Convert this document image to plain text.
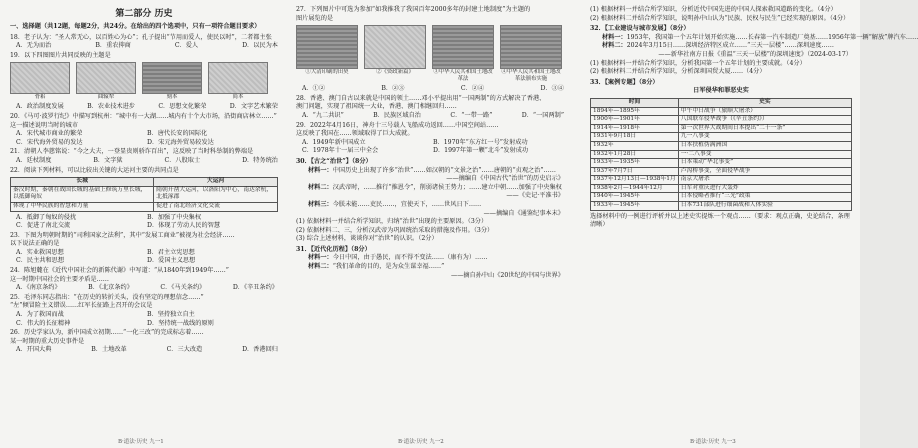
第二部分 历史
一、选择题（共12题，每题2分，共24分。在给出的四个选项中，只有一项符合题目要求）
18．老子认为：“圣人常无心，以百姓心为心”；孔子提出“节用而爱人，使民以时”，二者都主张
A．无为而治	B．重农抑商	C．爱人	D．以民为本
19．以下四图图片共同反映的主题是
骨耜	曲辕犁	刻本	简本
A．政治制度发展	B．农业技术进步	C．思想文化繁荣	D．文字艺术繁荣
20．《马可·波罗行纪》中描写到杭州：“城中有一大湖……城内有十个大市场，沿街商店林立……”
这一描述说明当时的城市
A．宋代城市商业的繁荣	B．唐代长安的国际化
C．宋代海外贸易的发达	D．宋元海外贸易较发达
21．清朝人李慈铭说：“今之大夫，一登显贵则骄诈百出”，这反映了当时科举制的弊端是
A．廷杖制度	B．文字狱	C．八股取士	D．特务统治
22．阅读下列材料，可以比较出关键的大运河主要的共同点是
长城	大运河
秦汉时期，秦朝在战国长城的基础上修筑万里长城，以抵御匈奴	隋朝开凿大运河，以洛阳为中心，南达余杭，北抵涿郡
体现了中华民族的智慧和力量	促进了南北经济文化交流
A．抵御了匈奴的侵扰	B．加强了中央集权
C．促进了南北交流	D．体现了劳动人民的智慧
23．下图为明朝时期的“司利国家之法利”，其中“发展工商业”被视为社会经济……
以下说法正确的是
A．实业救国思想	B．君主立宪思想
C．民主共和思想	D．爱国主义思想
24．陈旭麓在《近代中国社会的新陈代谢》中写道：“从1840年到1949年……”
这一时期中国社会的主要矛盾是……
A．《南京条约》	B．《北京条约》	C．《马关条约》	D．《辛丑条约》
25．毛泽东同志指出：“在历史的转折关头，没有坚定的理想信念……”
“左”倾冒险主义错误……红军长征路上召开的会议是
A．为了救国而战	B．坚持独立自主
C．伟大的长征精神	D．坚持统一战线的原则
26．历史学家认为，新中国成立初期……“一化三改”的完成标志着……
某一时期的重大历史事件是
A．开国大典	B．土地改革	C．三大改造	D．香港回归
B·道法·历史 九一1
27．下列图片中可选为参加“如我推我了我国百年2000多年的封建土地制度”为主题的
图片展览的是
①大清印刷的田契	②《资政新篇》	③中华人民共和国土地改革法
④中华人民共和国土地改革法颁布实施
A．①②	B．②③	C．②④	D．③④
28．香港、澳门自古以来就是中国的领土……邓小平提出用“一国两制”的方式解决了香港、
澳门问题，实现了祖国统一大业，香港、澳门相继回归……
A．“九二共识”	B．民族区域自治	C．“一带一路”	D．“一国两制”
29．2022年4月16日，神舟十三号载人飞船成功返回……中国空间站……
这反映了我国在……领域取得了巨大成就。
A．1949年新中国成立	B．1970年“东方红一号”发射成功
C．1978年十一届三中全会	D．1997年第一颗“北斗”发射成功
30．【古之“治世”】（8分）
材料一：中国历史上出现了许多“治世”……如汉朝的“文景之治”……唐朝的“贞观之治”……
——摘编自《中国古代“治世”的历史启示》
材料二：汉武帝时，……推行“推恩令”，削弱诸侯王势力；……建立中朝……加强了中央集权
——《史记·平准书》
材料三：今朕未能……吏民……，宜使天下，……世风日下……
——摘编自《通鉴纪事本末》
(1) 依据材料一并结合所学知识，归纳“治世”出现的主要原因。（3分）
(2) 依据材料二、三，分析汉武帝为巩固统治采取的措施及作用。（3分）
(3) 综合上述材料，谈谈你对“治世”的认识。（2分）
31．【近代化历程】（8分）
材料一：今日中国，由于愚民，而不得不变法……（康有为）……
材料二：“我们革命的目的，是为众生谋幸福……”
——摘自孙中山《20世纪的中国与世界》
B·道法·历史 九一2
(1) 根据材料一并结合所学知识，分析近代中国先进的中国人探索救国道路的变化。（4分）
(2) 根据材料二并结合所学知识，说明孙中山认为“民族、民权与民生”已经实现的原因。（4分）
32．【工业建设与城市发展】（8分）
材料一：1953年，我国第一个五年计划开始实施……长春第一汽车制造厂奠基……1956年第一辆“解放”牌汽车……
材料二：2024年3月15日……深圳经济特区成立……“三天一层楼”……深圳速度……
——新华社南方日报《重温“三天一层楼”的深圳速度》（2024-03-17）
(1) 根据材料一并结合所学知识，分析我国第一个五年计划的主要成就。（4分）
(2) 根据材料二并结合所学知识，分析深圳国贸大厦……（4分）
33．【案例专题】（8分）
日军侵华和罪恶史实
时间	史实
1894年—1895年	甲午中日战争（旅顺大屠杀）
1900年—1901年	八国联军侵华战争（《辛丑条约》）
1914年—1918年	第一次世界大战期间日本提出“二十一条”
1931年9月18日	九一八事变
1932年	日本扶植伪满洲国
1932年1月28日	一·二八事变
1933年—1935年	日本策动“华北事变”
1937年7月7日	卢沟桥事变，全面侵华战争
1937年12月13日—1938年1月	南京大屠杀
1938年2月—1944年12月	日军对重庆进行大轰炸
1940年—1945年	日本侵略者推行“三光”政策
1933年—1945年	日本731部队进行细菌战和人体实验
选择材料中的一例进行评析并以上述史实提炼一个观点……（要求：观点正确，史论结合，条理清晰）
B·道法·历史 九一3
